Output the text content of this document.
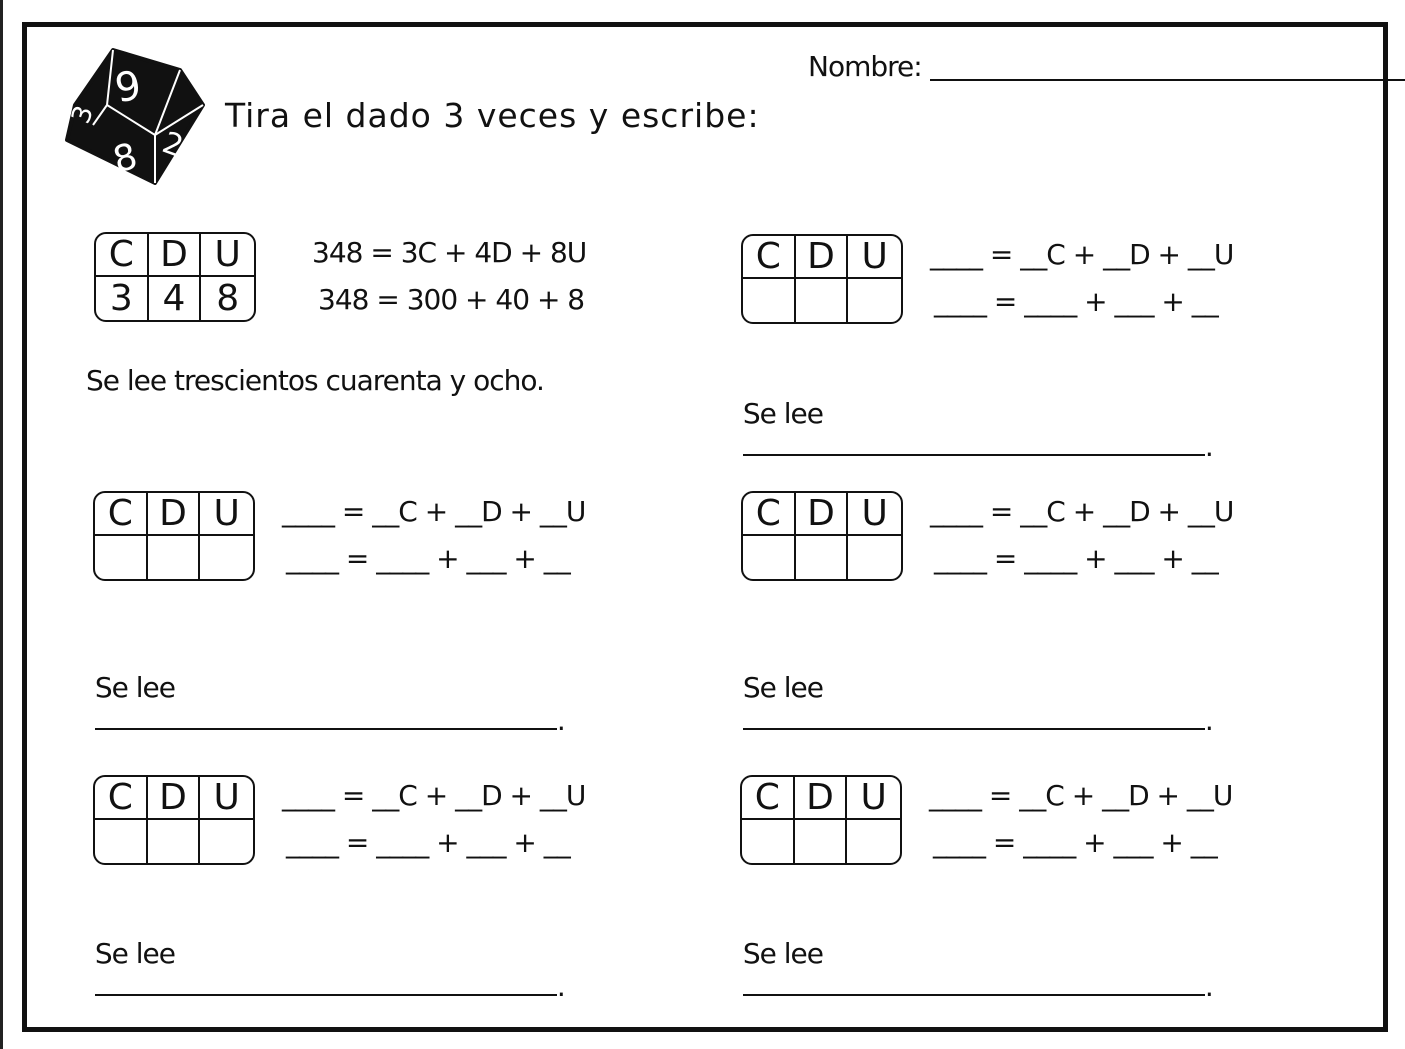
9
3
8 2
Nombre:
Tira el dado 3 veces y escribe:
C D U
3 4 8
348 = 3C + 4D + 8U
348 = 300 + 40 + 8
Se lee trescientos cuarenta y ocho.
C D U	____ = __C + __D + __U
____ = ____ + ___ + __

Se lee
.

C D U	____ = __C + __D + __U
____ = ____ + ___ + __

Se lee
.

C D U	____ = __C + __D + __U
____ = ____ + ___ + __

Se lee
.

C D U	____ = __C + __D + __U
____ = ____ + ___ + __

Se lee
.

C D U	____ = __C + __D + __U
____ = ____ + ___ + __

Se lee
.
